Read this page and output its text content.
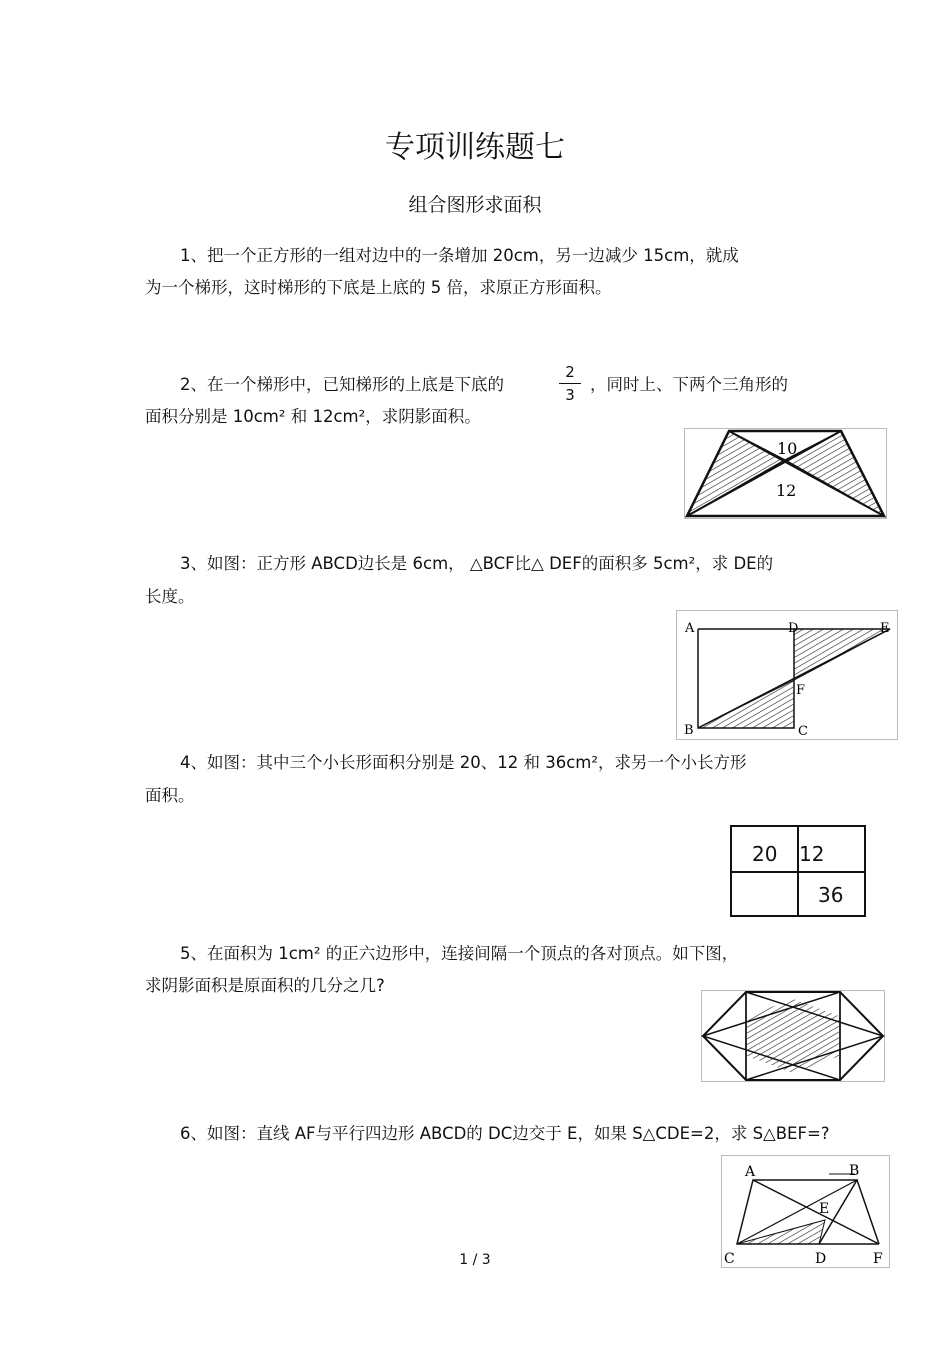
专项训练题七
组合图形求面积
1、把一个正方形的一组对边中的一条增加 20cm，另一边减少 15cm，就成
为一个梯形，这时梯形的下底是上底的 5 倍，求原正方形面积。
2、在一个梯形中，已知梯形的上底是下底的
2
3
，同时上、下两个三角形的
面积分别是 10cm² 和 12cm²，求阴影面积。
10
12
3、如图：正方形 ABCD边长是 6cm， △BCF比△ DEF的面积多 5cm²，求 DE的
长度。
A	D	E
F
B	C
4、如图：其中三个小长形面积分别是 20、12 和 36cm²，求另一个小长方形
面积。
20 12
36
5、在面积为 1cm² 的正六边形中，连接间隔一个顶点的各对顶点。如下图，
求阴影面积是原面积的几分之几?
6、如图：直线 AF与平行四边形 ABCD的 DC边交于 E，如果 S△CDE=2，求 S△BEF=?
A	B
E
C	D	F
1 / 3
